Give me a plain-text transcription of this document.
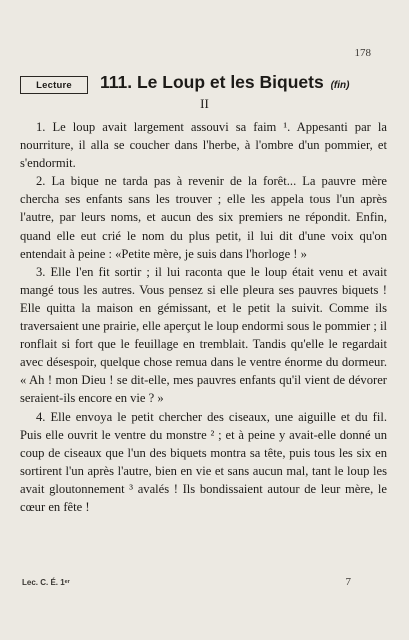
178
Lecture	111. Le Loup et les Biquets (fin)
II

1. Le loup avait largement assouvi sa faim ¹. Appesanti par la nourriture, il alla se coucher dans l'herbe, à l'ombre d'un pommier, et s'endormit.

2. La bique ne tarda pas à revenir de la forêt... La pauvre mère chercha ses enfants sans les trouver ; elle les appela tous l'un après l'autre, par leurs noms, et aucun des six premiers ne répondit. Enfin, quand elle eut crié le nom du plus petit, il lui dit d'une voix qu'on entendait à peine : «Petite mère, je suis dans l'horloge ! »

3. Elle l'en fit sortir ; il lui raconta que le loup était venu et avait mangé tous les autres. Vous pensez si elle pleura ses pauvres biquets ! Elle quitta la maison en gémissant, et le petit la suivit. Comme ils traversaient une prairie, elle aperçut le loup endormi sous le pommier ; il ronflait si fort que le feuillage en tremblait. Tandis qu'elle le regardait avec désespoir, quelque chose remua dans le ventre énorme du dormeur. « Ah ! mon Dieu ! se dit-elle, mes pauvres enfants qu'il vient de dévorer seraient-ils encore en vie ? »

4. Elle envoya le petit chercher des ciseaux, une aiguille et du fil. Puis elle ouvrit le ventre du monstre ² ; et à peine y avait-elle donné un coup de ciseaux que l'un des biquets montra sa tête, puis tous les six en sortirent l'un après l'autre, bien en vie et sans aucun mal, tant le loup les avait gloutonnement ³ avalés ! Ils bondissaient autour de leur mère, le cœur en fête !

Lec. C. É. 1ᵉʳ	7
